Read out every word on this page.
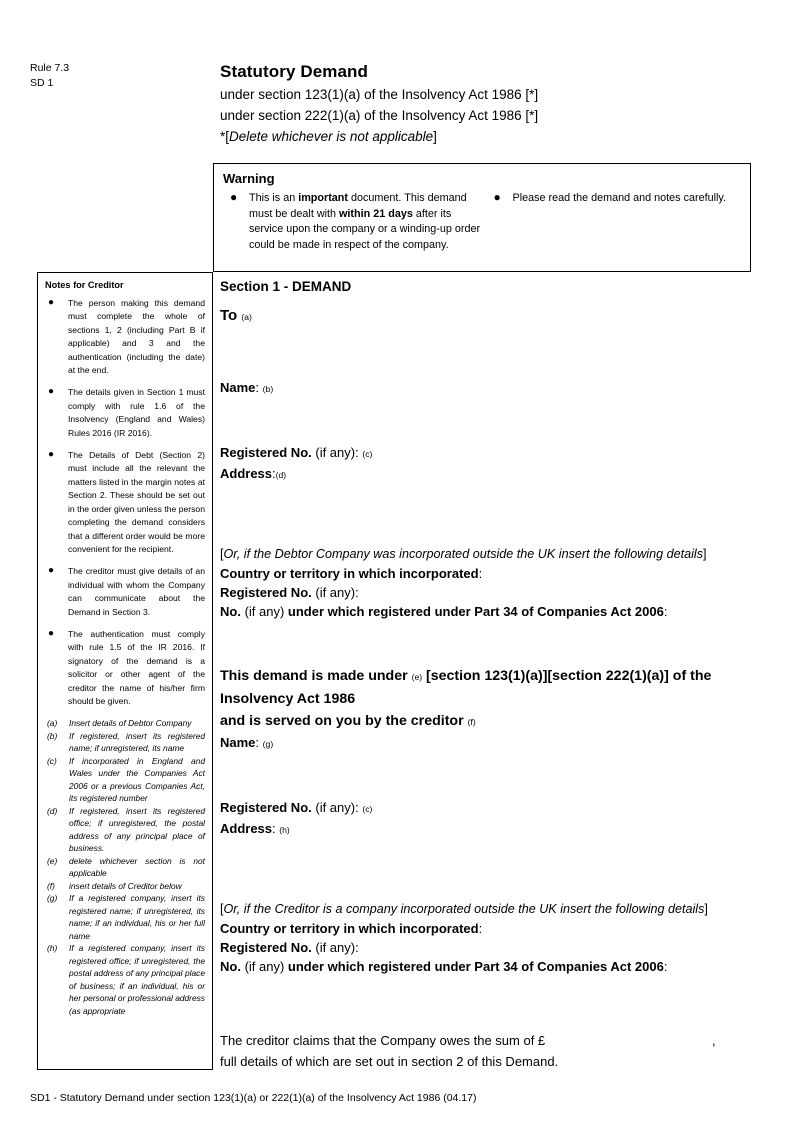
Rule 7.3
SD 1
Statutory Demand
under section 123(1)(a) of the Insolvency Act 1986 [*]
under section 222(1)(a) of the Insolvency Act 1986 [*]
*[Delete whichever is not applicable]
Warning
● This is an important document. This demand must be dealt with within 21 days after its service upon the company or a winding-up order could be made in respect of the company.
● Please read the demand and notes carefully.
Notes for Creditor
● The person making this demand must complete the whole of sections 1, 2 (including Part B if applicable) and 3 and the authentication (including the date) at the end.
● The details given in Section 1 must comply with rule 1.6 of the Insolvency (England and Wales) Rules 2016 (IR 2016).
● The Details of Debt (Section 2) must include all the relevant the matters listed in the margin notes at Section 2. These should be set out in the order given unless the person completing the demand considers that a different order would be more convenient for the recipient.
● The creditor must give details of an individual with whom the Company can communicate about the Demand in Section 3.
● The authentication must comply with rule 1.5 of the IR 2016. If signatory of the demand is a solicitor or other agent of the creditor the name of his/her firm should be given.
(a) Insert details of Debtor Company
(b) If registered, insert its registered name; if unregistered, its name
(c) If incorporated in England and Wales under the Companies Act 2006 or a previous Companies Act, its registered number
(d) If registered, insert its registered office; if unregistered, the postal address of any principal place of business.
(e) delete whichever section is not applicable
(f) insert details of Creditor below
(g) If a registered company, insert its registered name; if unregistered, its name; if an individual, his or her full name
(h) If a registered company, insert its registered office; if unregistered, the postal address of any principal place of business; if an individual, his or her personal or professional address (as appropriate
Section 1 - DEMAND
To (a)
Name: (b)
Registered No. (if any): (c)
Address:(d)
[Or, if the Debtor Company was incorporated outside the UK insert the following details]
Country or territory in which incorporated:
Registered No. (if any):
No. (if any) under which registered under Part 34 of Companies Act 2006:
This demand is made under (e) [section 123(1)(a)][section 222(1)(a)] of the Insolvency Act 1986
and is served on you by the creditor (f)
Name: (g)
Registered No. (if any): (c)
Address: (h)
[Or, if the Creditor is a company incorporated outside the UK insert the following details]
Country or territory in which incorporated:
Registered No. (if any):
No. (if any) under which registered under Part 34 of Companies Act 2006:
The creditor claims that the Company owes the sum of £	,
full details of which are set out in section 2 of this Demand.
SD1 - Statutory Demand under section 123(1)(a) or 222(1)(a) of the Insolvency Act 1986 (04.17)
